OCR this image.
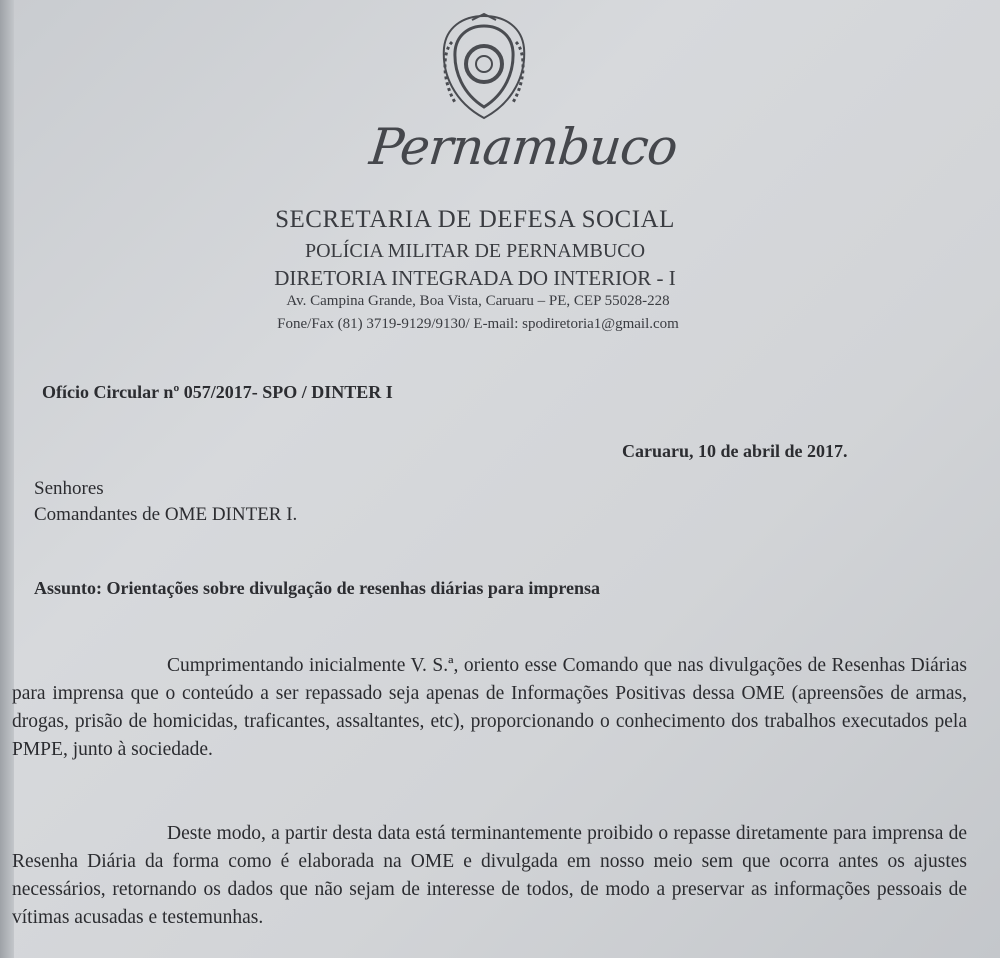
Pernambuco
SECRETARIA DE DEFESA SOCIAL
POLÍCIA MILITAR DE PERNAMBUCO
DIRETORIA INTEGRADA DO INTERIOR - I
Av. Campina Grande, Boa Vista, Caruaru – PE, CEP 55028-228
Fone/Fax (81) 3719-9129/9130/ E-mail: spodiretoria1@gmail.com
Ofício Circular nº 057/2017- SPO / DINTER I
Caruaru, 10 de abril de 2017.
Senhores
Comandantes de OME DINTER I.
Assunto: Orientações sobre divulgação de resenhas diárias para imprensa
Cumprimentando inicialmente V. S.ª, oriento esse Comando que nas divulgações de Resenhas Diárias para imprensa que o conteúdo a ser repassado seja apenas de Informações Positivas dessa OME (apreensões de armas, drogas, prisão de homicidas, traficantes, assaltantes, etc), proporcionando o conhecimento dos trabalhos executados pela PMPE, junto à sociedade.
Deste modo, a partir desta data está terminantemente proibido o repasse diretamente para imprensa de Resenha Diária da forma como é elaborada na OME e divulgada em nosso meio sem que ocorra antes os ajustes necessários, retornando os dados que não sejam de interesse de todos, de modo a preservar as informações pessoais de vítimas acusadas e testemunhas.
